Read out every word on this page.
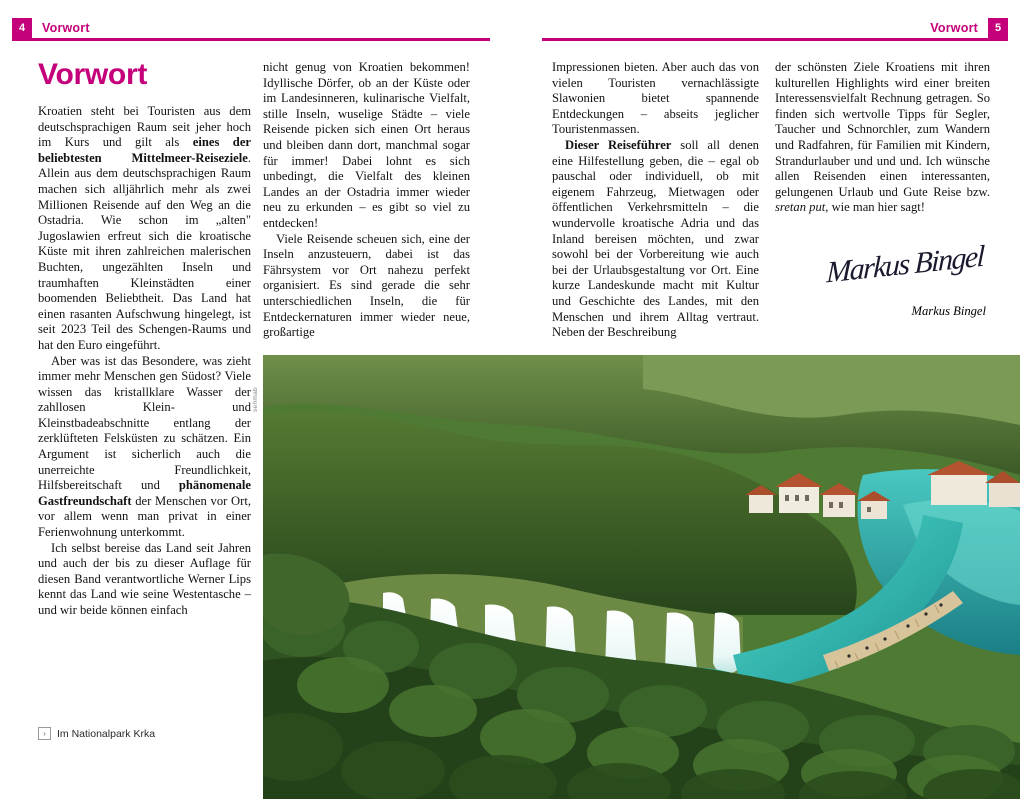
4	Vorwort	Vorwort	5
Vorwort

Kroatien steht bei Touristen aus dem deutschsprachigen Raum seit jeher hoch im Kurs und gilt als eines der beliebtesten Mittelmeer-Reiseziele. Allein aus dem deutschsprachigen Raum machen sich alljährlich mehr als zwei Millionen Reisende auf den Weg an die Ostadria. Wie schon im „alten" Jugoslawien erfreut sich die kroatische Küste mit ihren zahlreichen malerischen Buchten, ungezählten Inseln und traumhaften Kleinstädten einer boomenden Beliebtheit. Das Land hat einen rasanten Aufschwung hingelegt, ist seit 2023 Teil des Schengen-Raums und hat den Euro eingeführt.

Aber was ist das Besondere, was zieht immer mehr Menschen gen Südost? Viele wissen das kristallklare Wasser der zahllosen Klein- und Kleinstbadeabschnitte entlang der zerklüfteten Felsküsten zu schätzen. Ein Argument ist sicherlich auch die unerreichte Freundlichkeit, Hilfsbereitschaft und phänomenale Gastfreundschaft der Menschen vor Ort, vor allem wenn man privat in einer Ferienwohnung unterkommt.

Ich selbst bereise das Land seit Jahren und auch der bis zu dieser Auflage für diesen Band verantwortliche Werner Lips kennt das Land wie seine Westentasche – und wir beide können einfach

nicht genug von Kroatien bekommen! Idyllische Dörfer, ob an der Küste oder im Landesinneren, kulinarische Vielfalt, stille Inseln, wuselige Städte – viele Reisende picken sich einen Ort heraus und bleiben dann dort, manchmal sogar für immer! Dabei lohnt es sich unbedingt, die Vielfalt des kleinen Landes an der Ostadria immer wieder neu zu erkunden – es gibt so viel zu entdecken!

Viele Reisende scheuen sich, eine der Inseln anzusteuern, dabei ist das Fährsystem vor Ort nahezu perfekt organisiert. Es sind gerade die sehr unterschiedlichen Inseln, die für Entdeckernaturen immer wieder neue, großartige

Impressionen bieten. Aber auch das von vielen Touristen vernachlässigte Slawonien bietet spannende Entdeckungen – abseits jeglicher Touristenmassen.

Dieser Reiseführer soll all denen eine Hilfestellung geben, die – egal ob pauschal oder individuell, ob mit eigenem Fahrzeug, Mietwagen oder öffentlichen Verkehrsmitteln – die wundervolle kroatische Adria und das Inland bereisen möchten, und zwar sowohl bei der Vorbereitung wie auch bei der Urlaubsgestaltung vor Ort. Eine kurze Landeskunde macht mit Kultur und Geschichte des Landes, mit den Menschen und ihrem Alltag vertraut. Neben der Beschreibung

der schönsten Ziele Kroatiens mit ihren kulturellen Highlights wird einer breiten Interessensvielfalt Rechnung getragen. So finden sich wertvolle Tipps für Segler, Taucher und Schnorchler, zum Wandern und Radfahren, für Familien mit Kindern, Strandurlauber und und und. Ich wünsche allen Reisenden einen interessanten, gelungenen Urlaub und Gute Reise bzw. sretan put, wie man hier sagt!

Markus Bingel
Markus Bingel
sehmab
›	Im Nationalpark Krka
